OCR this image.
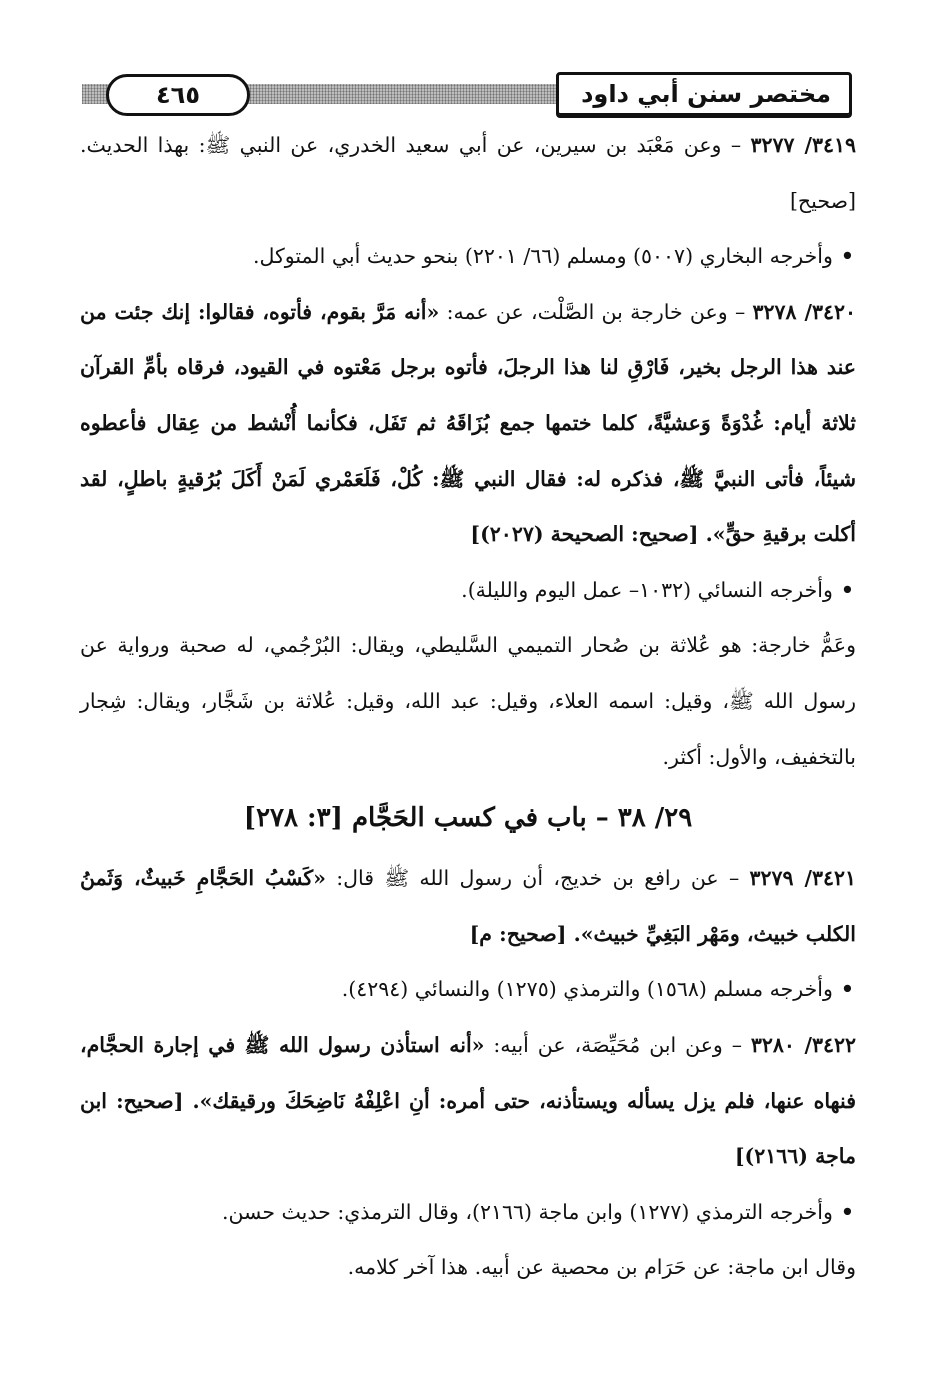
مختصر سنن أبي داود
٤٦٥

٣٤١٩/ ٣٢٧٧ – وعن مَعْبَد بن سيرين، عن أبي سعيد الخدري، عن النبي ﷺ: بهذا الحديث. [صحيح]

•وأخرجه البخاري (٥٠٠٧) ومسلم (٦٦/ ٢٢٠١) بنحو حديث أبي المتوكل.

٣٤٢٠/ ٣٢٧٨ – وعن خارجة بن الصَّلْت، عن عمه: «أنه مَرَّ بقوم، فأتوه، فقالوا: إنك جئت من عند هذا الرجل بخير، فَارْقِ لنا هذا الرجلَ، فأتوه برجل مَعْتوه في القيود، فرقاه بأمِّ القرآن ثلاثة أيام: غُدْوَةً وَعشيَّةً، كلما ختمها جمع بُزَاقَهُ ثم تَفَل، فكأنما أُنْشط من عِقال فأعطوه شيئاً، فأتى النبيَّ ﷺ، فذكره له: فقال النبي ﷺ: كُلْ، فَلَعَمْري لَمَنْ أَكَلَ بُرُقيةٍ باطلٍ، لقد أكلت برقيةِ حقٍّ». [صحيح: الصحيحة (٢٠٢٧)]

•وأخرجه النسائي (١٠٣٢– عمل اليوم والليلة).

وعَمُّ خارجة: هو عُلاثة بن صُحار التميمي السَّليطي، ويقال: البُرْجُمي، له صحبة ورواية عن رسول الله ﷺ، وقيل: اسمه العلاء، وقيل: عبد الله، وقيل: عُلاثة بن شَجَّار، ويقال: شِجار بالتخفيف، والأول: أكثر.

٢٩/ ٣٨ – باب في كسب الحَجَّام [٣: ٢٧٨]

٣٤٢١/ ٣٢٧٩ – عن رافع بن خديج، أن رسول الله ﷺ قال: «كَسْبُ الحَجَّامِ خَبيثٌ، وَثَمنُ الكلب خبيث، ومَهْر البَغِيِّ خبيث». [صحيح: م]

•وأخرجه مسلم (١٥٦٨) والترمذي (١٢٧٥) والنسائي (٤٢٩٤).

٣٤٢٢/ ٣٢٨٠ – وعن ابن مُحَيِّصَة، عن أبيه: «أنه استأذن رسول الله ﷺ في إجارة الحجَّام، فنهاه عنها، فلم يزل يسأله ويستأذنه، حتى أمره: أنِ اعْلِفْهُ نَاضِحَكَ ورقيقك». [صحيح: ابن ماجة (٢١٦٦)]

•وأخرجه الترمذي (١٢٧٧) وابن ماجة (٢١٦٦)، وقال الترمذي: حديث حسن.

وقال ابن ماجة: عن حَرَام بن محصية عن أبيه. هذا آخر كلامه.
